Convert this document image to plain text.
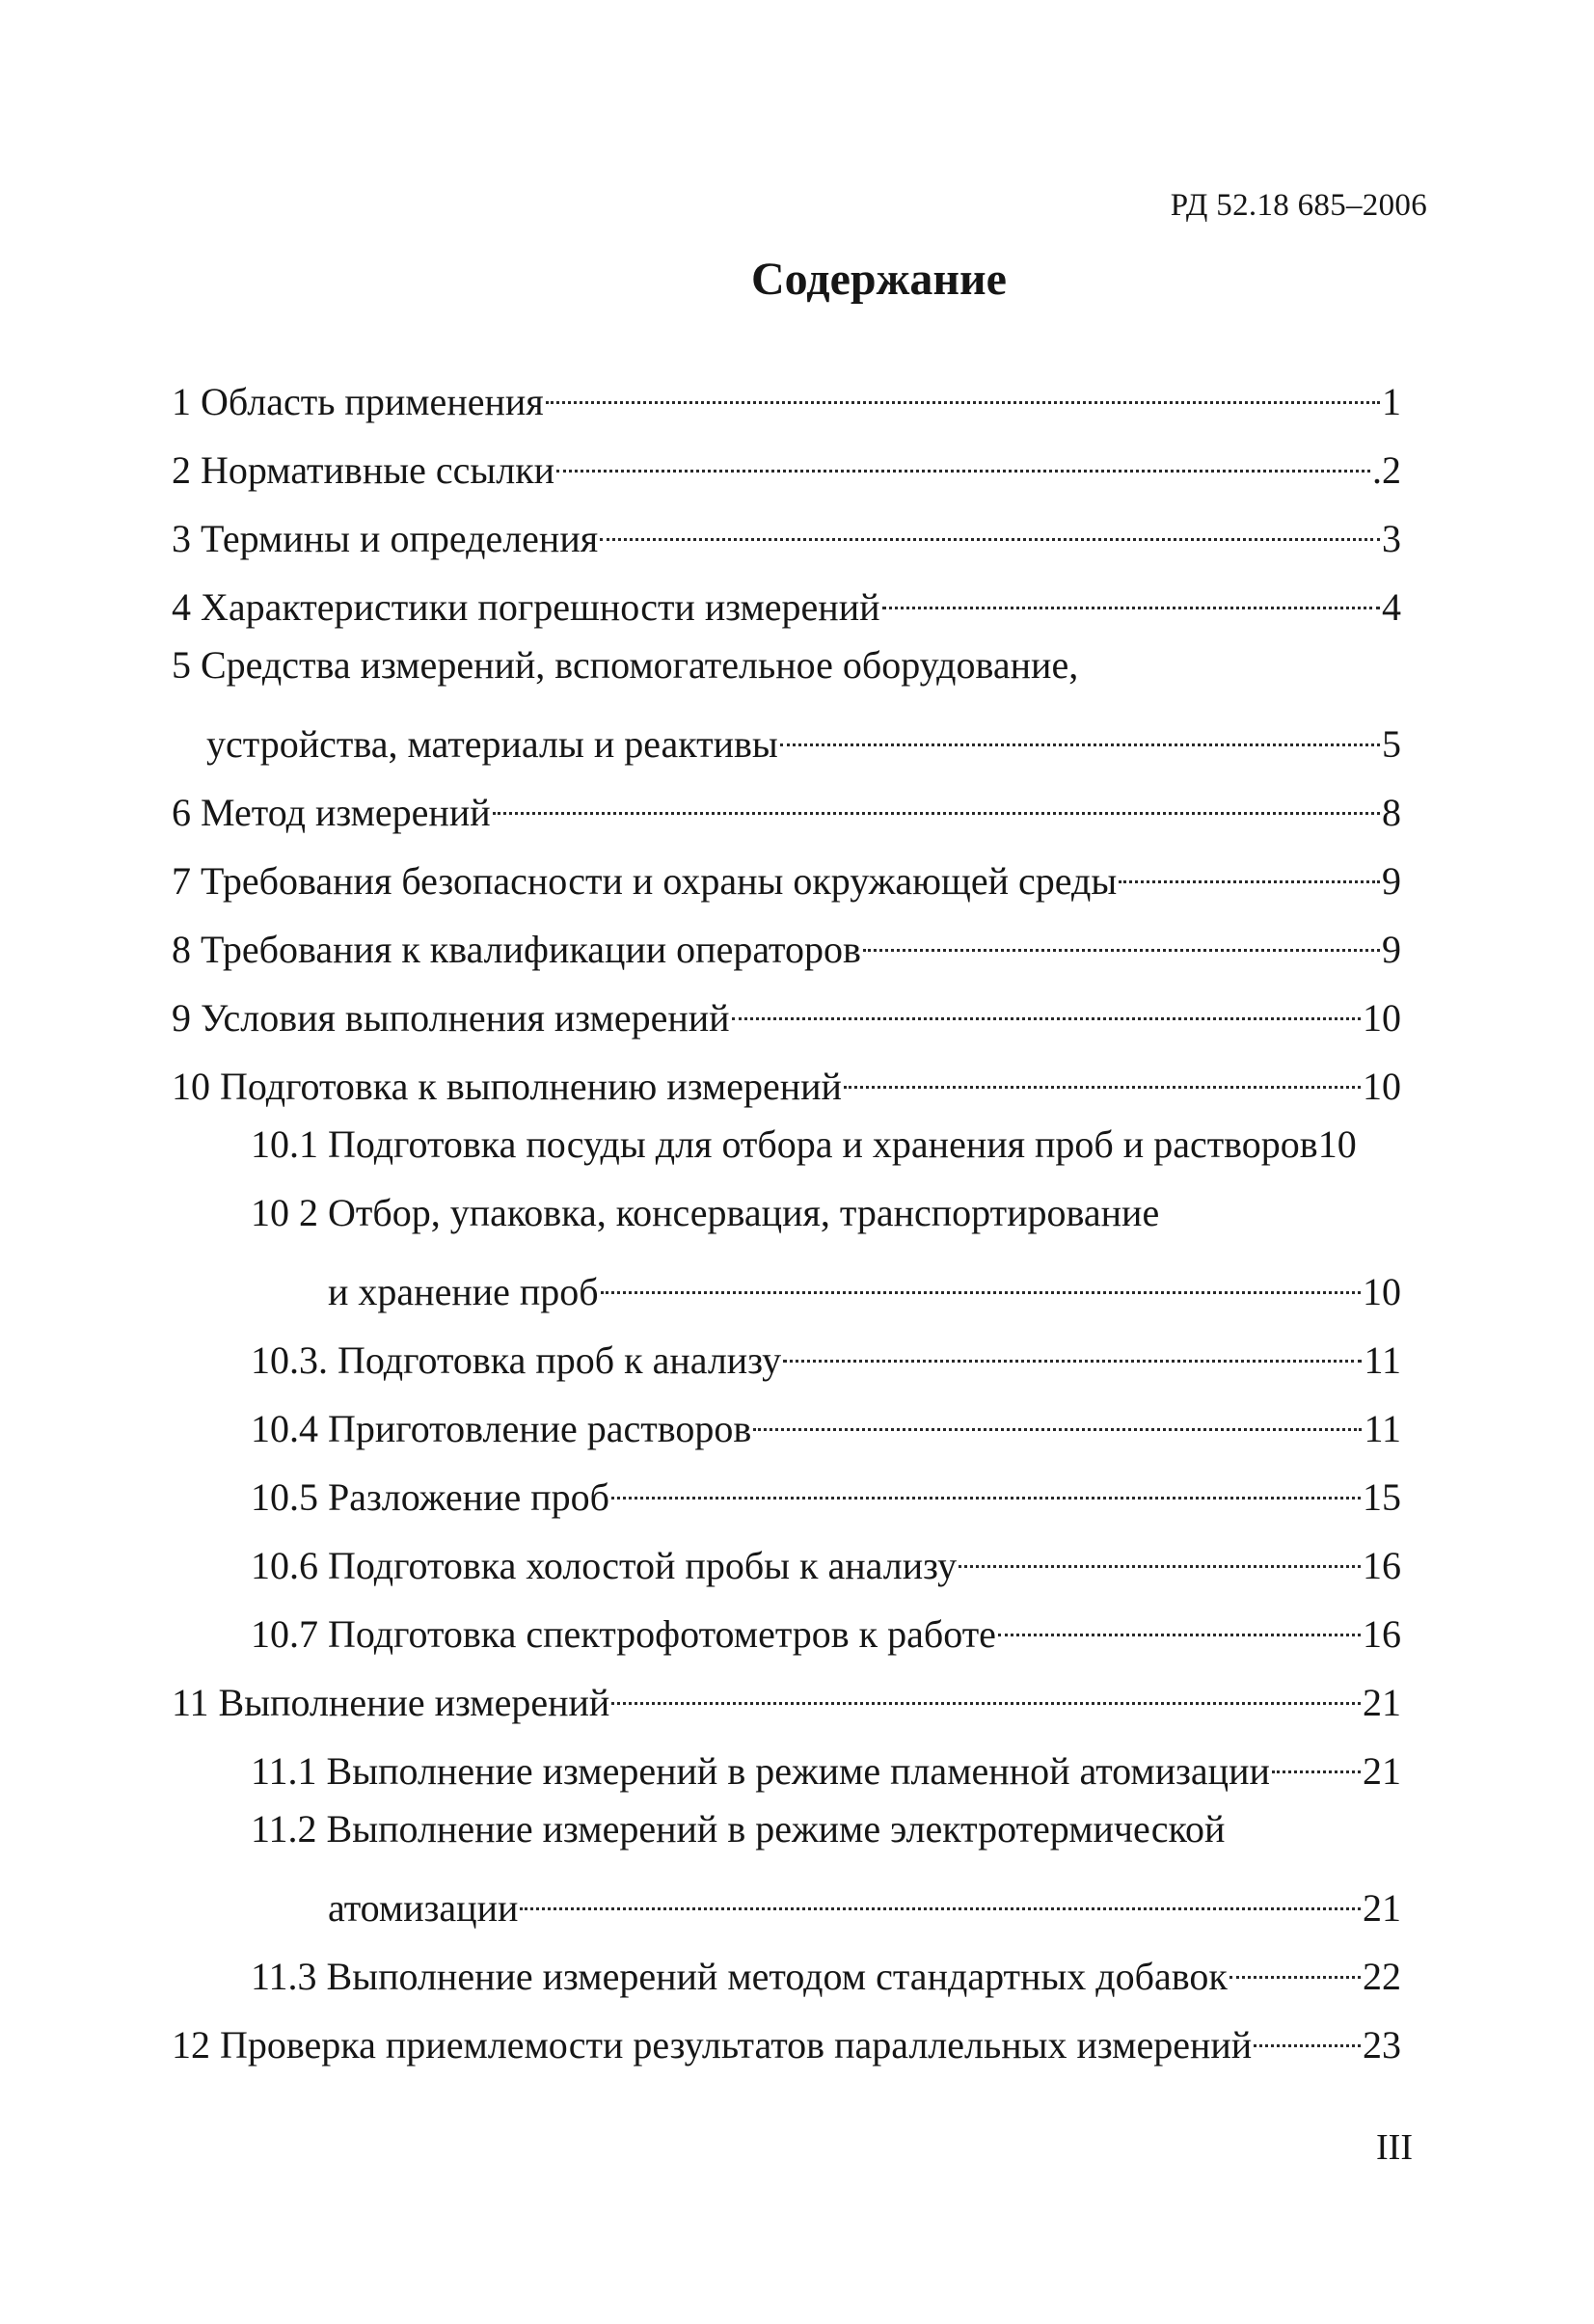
РД 52.18 685–2006
Содержание
1 Область применения	1
2 Нормативные ссылки	.2
3 Термины и определения	3
4 Характеристики погрешности измерений	4
5 Средства измерений, вспомогательное оборудование,
устройства, материалы и реактивы	5
6 Метод измерений	8
7 Требования безопасности и охраны окружающей среды	9
8 Требования к квалификации операторов	9
9 Условия выполнения измерений	10
10 Подготовка к выполнению измерений	10
10.1 Подготовка посуды для отбора и хранения проб и растворов 10
10 2 Отбор, упаковка, консервация, транспортирование
и хранение проб	10
10.3. Подготовка проб к анализу	11
10.4 Приготовление растворов	11
10.5 Разложение проб	15
10.6 Подготовка холостой пробы к анализу	16
10.7 Подготовка спектрофотометров к работе	16
11 Выполнение измерений	21
11.1 Выполнение измерений в режиме пламенной атомизации 21
11.2 Выполнение измерений в режиме электротермической
атомизации	21
11.3 Выполнение измерений методом стандартных добавок	22
12 Проверка приемлемости результатов параллельных измерений	23
III
